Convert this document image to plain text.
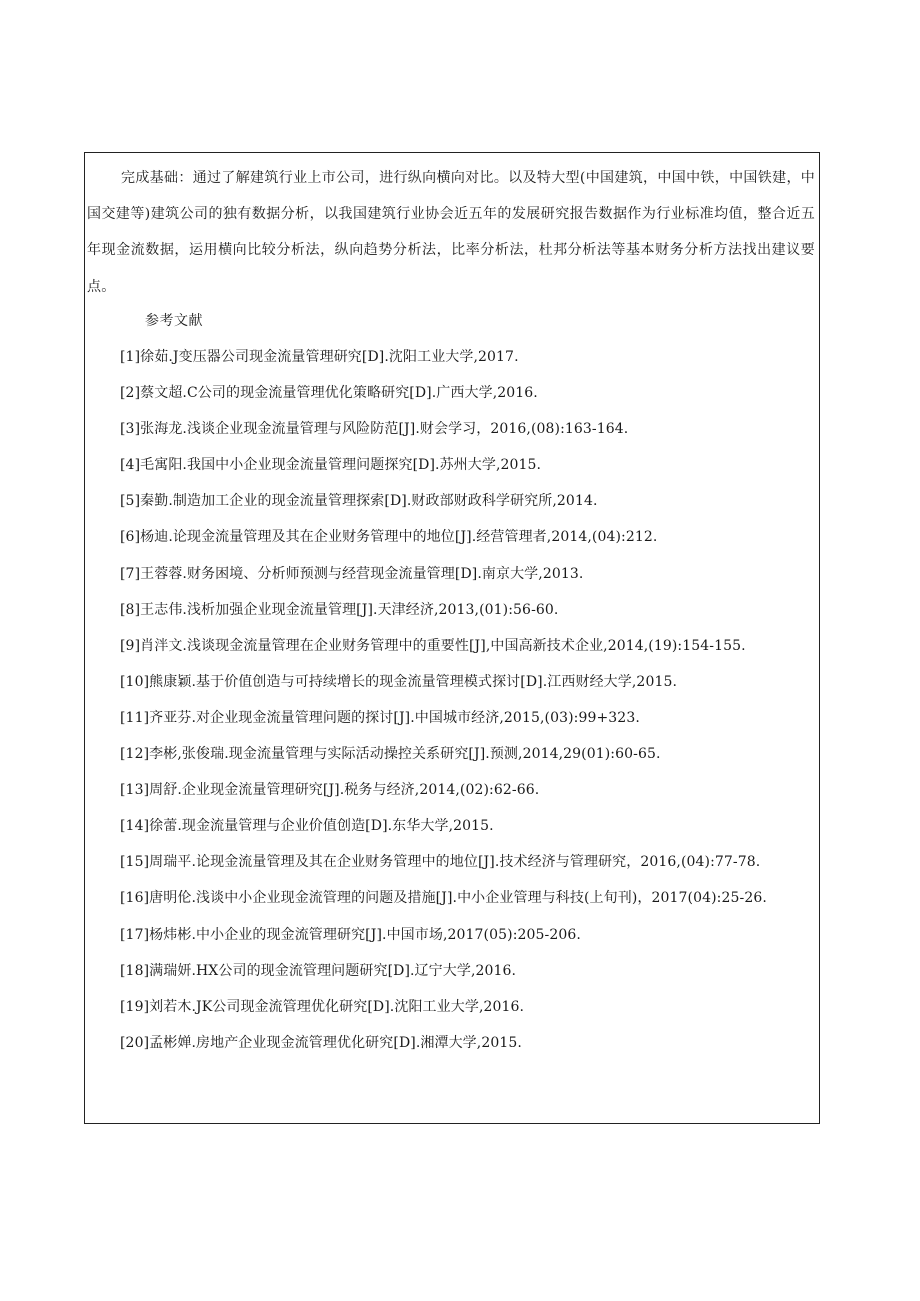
完成基础：通过了解建筑行业上市公司，进行纵向横向对比。以及特大型(中国建筑，中国中铁，中国铁建，中国交建等)建筑公司的独有数据分析，以我国建筑行业协会近五年的发展研究报告数据作为行业标准均值，整合近五年现金流数据，运用横向比较分析法，纵向趋势分析法，比率分析法，杜邦分析法等基本财务分析方法找出建议要点。

参考文献

[1]徐茹.J变压器公司现金流量管理研究[D].沈阳工业大学,2017.
[2]蔡文超.C公司的现金流量管理优化策略研究[D].广西大学,2016.
[3]张海龙.浅谈企业现金流量管理与风险防范[J].财会学习，2016,(08):163-164.
[4]毛寓阳.我国中小企业现金流量管理问题探究[D].苏州大学,2015.
[5]秦勤.制造加工企业的现金流量管理探索[D].财政部财政科学研究所,2014.
[6]杨迪.论现金流量管理及其在企业财务管理中的地位[J].经营管理者,2014,(04):212.
[7]王蓉蓉.财务困境、分析师预测与经营现金流量管理[D].南京大学,2013.
[8]王志伟.浅析加强企业现金流量管理[J].天津经济,2013,(01):56-60.
[9]肖泮文.浅谈现金流量管理在企业财务管理中的重要性[J],中国高新技术企业,2014,(19):154-155.
[10]熊康颖.基于价值创造与可持续增长的现金流量管理模式探讨[D].江西财经大学,2015.
[11]齐亚芬.对企业现金流量管理问题的探讨[J].中国城市经济,2015,(03):99+323.
[12]李彬,张俊瑞.现金流量管理与实际活动操控关系研究[J].预测,2014,29(01):60-65.
[13]周舒.企业现金流量管理研究[J].税务与经济,2014,(02):62-66.
[14]徐蕾.现金流量管理与企业价值创造[D].东华大学,2015.
[15]周瑞平.论现金流量管理及其在企业财务管理中的地位[J].技术经济与管理研究，2016,(04):77-78.
[16]唐明伦.浅谈中小企业现金流管理的问题及措施[J].中小企业管理与科技(上旬刊)，2017(04):25-26.
[17]杨炜彬.中小企业的现金流管理研究[J].中国市场,2017(05):205-206.
[18]满瑞妍.HX公司的现金流管理问题研究[D].辽宁大学,2016.
[19]刘若木.JK公司现金流管理优化研究[D].沈阳工业大学,2016.
[20]孟彬婵.房地产企业现金流管理优化研究[D].湘潭大学,2015.
